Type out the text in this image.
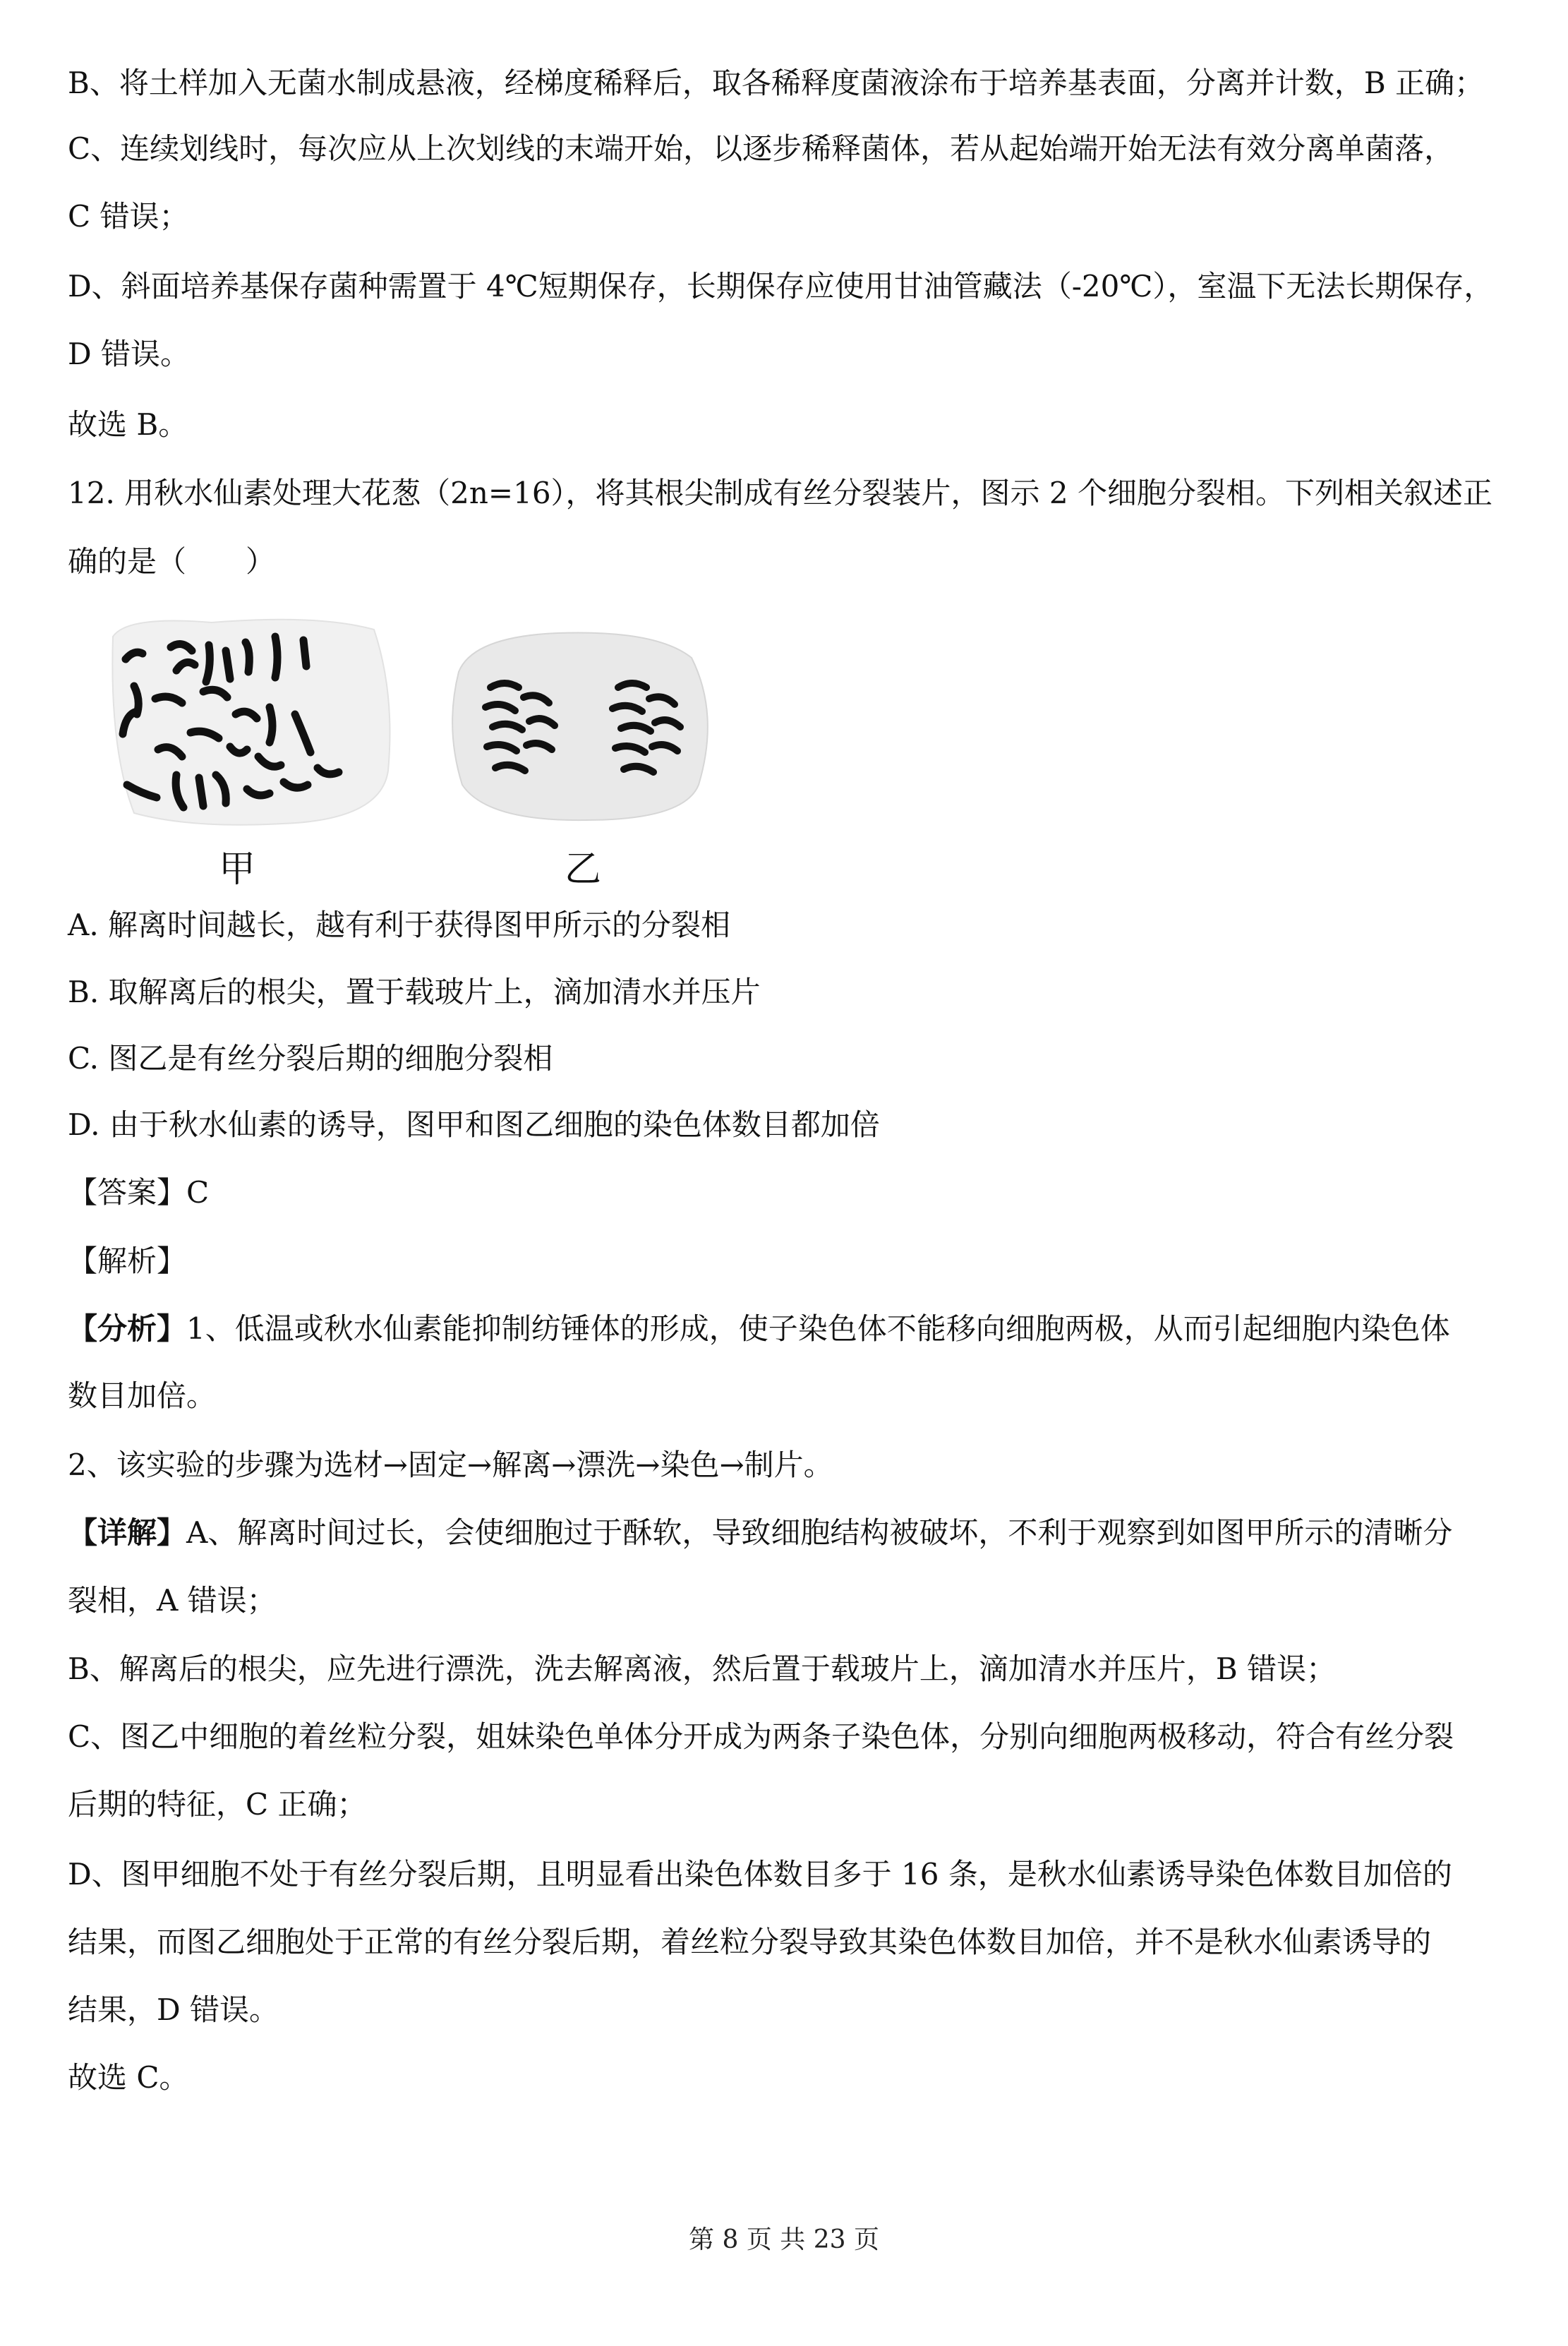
B、将土样加入无菌水制成悬液，经梯度稀释后，取各稀释度菌液涂布于培养基表面，分离并计数，B 正确；
C、连续划线时，每次应从上次划线的末端开始，以逐步稀释菌体，若从起始端开始无法有效分离单菌落，
C 错误；
D、斜面培养基保存菌种需置于 4℃短期保存，长期保存应使用甘油管藏法（-20℃），室温下无法长期保存，
D 错误。
故选 B。
12. 用秋水仙素处理大花葱（2n=16），将其根尖制成有丝分裂装片，图示 2 个细胞分裂相。下列相关叙述正
确的是（　　）
甲	乙
A. 解离时间越长，越有利于获得图甲所示的分裂相
B. 取解离后的根尖，置于载玻片上，滴加清水并压片
C. 图乙是有丝分裂后期的细胞分裂相
D. 由于秋水仙素的诱导，图甲和图乙细胞的染色体数目都加倍
【答案】C
【解析】
【分析】1、低温或秋水仙素能抑制纺锤体的形成，使子染色体不能移向细胞两极，从而引起细胞内染色体
数目加倍。
2、该实验的步骤为选材→固定→解离→漂洗→染色→制片。
【详解】A、解离时间过长，会使细胞过于酥软，导致细胞结构被破坏，不利于观察到如图甲所示的清晰分
裂相，A 错误；
B、解离后的根尖，应先进行漂洗，洗去解离液，然后置于载玻片上，滴加清水并压片，B 错误；
C、图乙中细胞的着丝粒分裂，姐妹染色单体分开成为两条子染色体，分别向细胞两极移动，符合有丝分裂
后期的特征，C 正确；
D、图甲细胞不处于有丝分裂后期，且明显看出染色体数目多于 16 条，是秋水仙素诱导染色体数目加倍的
结果，而图乙细胞处于正常的有丝分裂后期，着丝粒分裂导致其染色体数目加倍，并不是秋水仙素诱导的
结果，D 错误。
故选 C。
第 8 页 共 23 页
